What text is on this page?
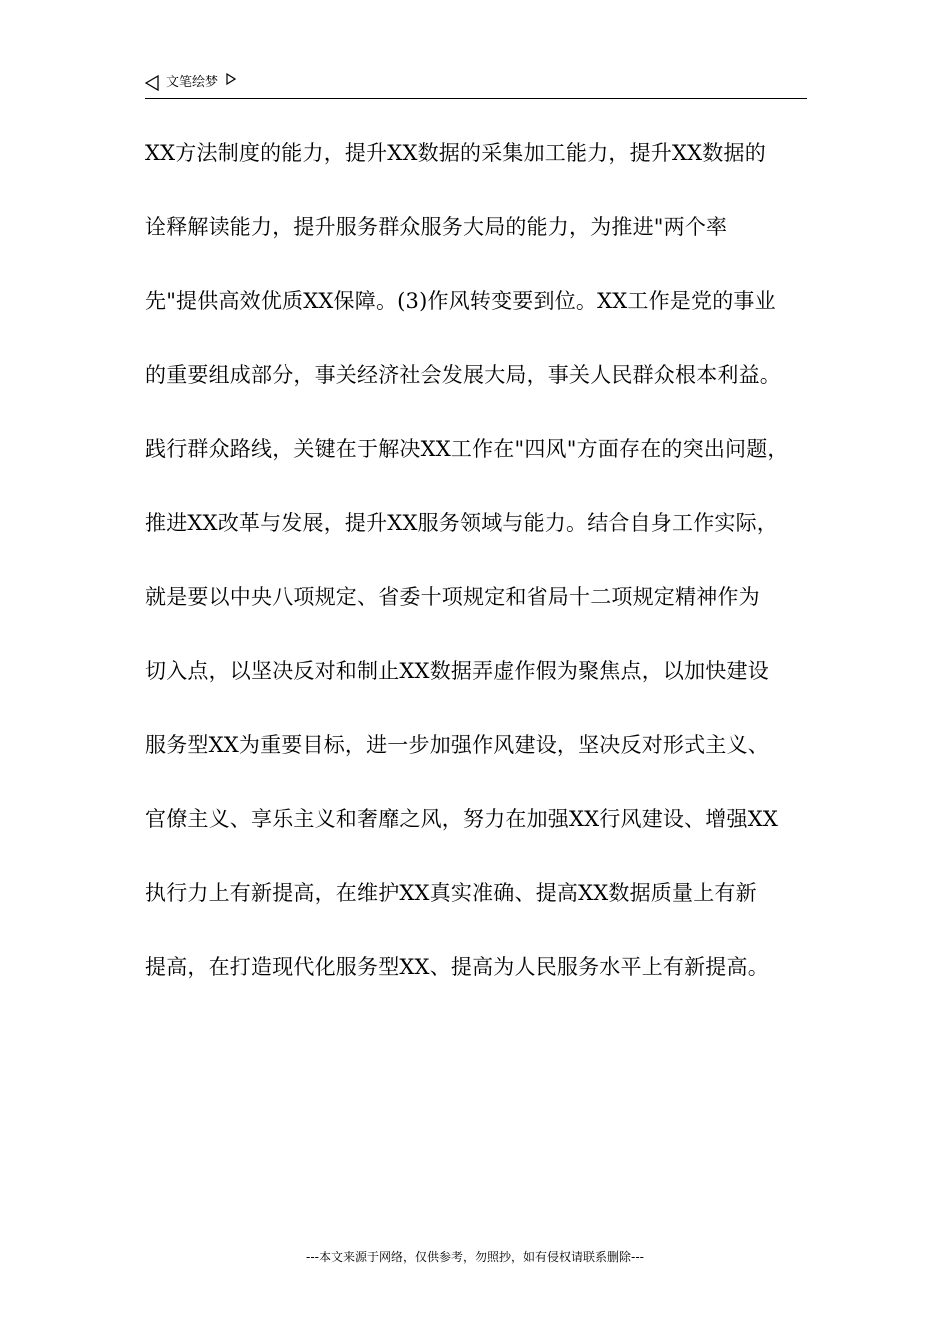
文笔绘梦
XX方法制度的能力，提升XX数据的采集加工能力，提升XX数据的
诠释解读能力，提升服务群众服务大局的能力，为推进"两个率
先"提供高效优质XX保障。(3)作风转变要到位。XX工作是党的事业
的重要组成部分，事关经济社会发展大局，事关人民群众根本利益。
践行群众路线，关键在于解决XX工作在"四风"方面存在的突出问题，
推进XX改革与发展，提升XX服务领域与能力。结合自身工作实际，
就是要以中央八项规定、省委十项规定和省局十二项规定精神作为
切入点，以坚决反对和制止XX数据弄虚作假为聚焦点，以加快建设
服务型XX为重要目标，进一步加强作风建设，坚决反对形式主义、
官僚主义、享乐主义和奢靡之风，努力在加强XX行风建设、增强XX
执行力上有新提高，在维护XX真实准确、提高XX数据质量上有新
提高，在打造现代化服务型XX、提高为人民服务水平上有新提高。
---本文来源于网络，仅供参考，勿照抄，如有侵权请联系删除---
